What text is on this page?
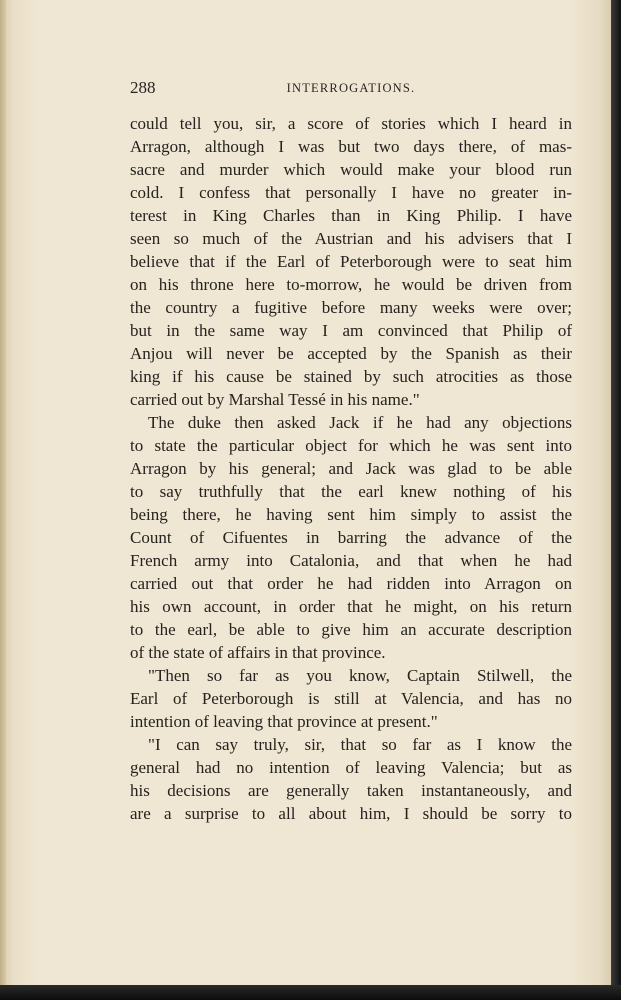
288	INTERROGATIONS.
could tell you, sir, a score of stories which I heard in
Arragon, although I was but two days there, of mas-
sacre and murder which would make your blood run
cold. I confess that personally I have no greater in-
terest in King Charles than in King Philip. I have
seen so much of the Austrian and his advisers that I
believe that if the Earl of Peterborough were to seat him
on his throne here to-morrow, he would be driven from
the country a fugitive before many weeks were over;
but in the same way I am convinced that Philip of
Anjou will never be accepted by the Spanish as their
king if his cause be stained by such atrocities as those
carried out by Marshal Tessé in his name."
The duke then asked Jack if he had any objections
to state the particular object for which he was sent into
Arragon by his general; and Jack was glad to be able
to say truthfully that the earl knew nothing of his
being there, he having sent him simply to assist the
Count of Cifuentes in barring the advance of the
French army into Catalonia, and that when he had
carried out that order he had ridden into Arragon on
his own account, in order that he might, on his return
to the earl, be able to give him an accurate description
of the state of affairs in that province.
"Then so far as you know, Captain Stilwell, the
Earl of Peterborough is still at Valencia, and has no
intention of leaving that province at present."
"I can say truly, sir, that so far as I know the
general had no intention of leaving Valencia; but as
his decisions are generally taken instantaneously, and
are a surprise to all about him, I should be sorry to
